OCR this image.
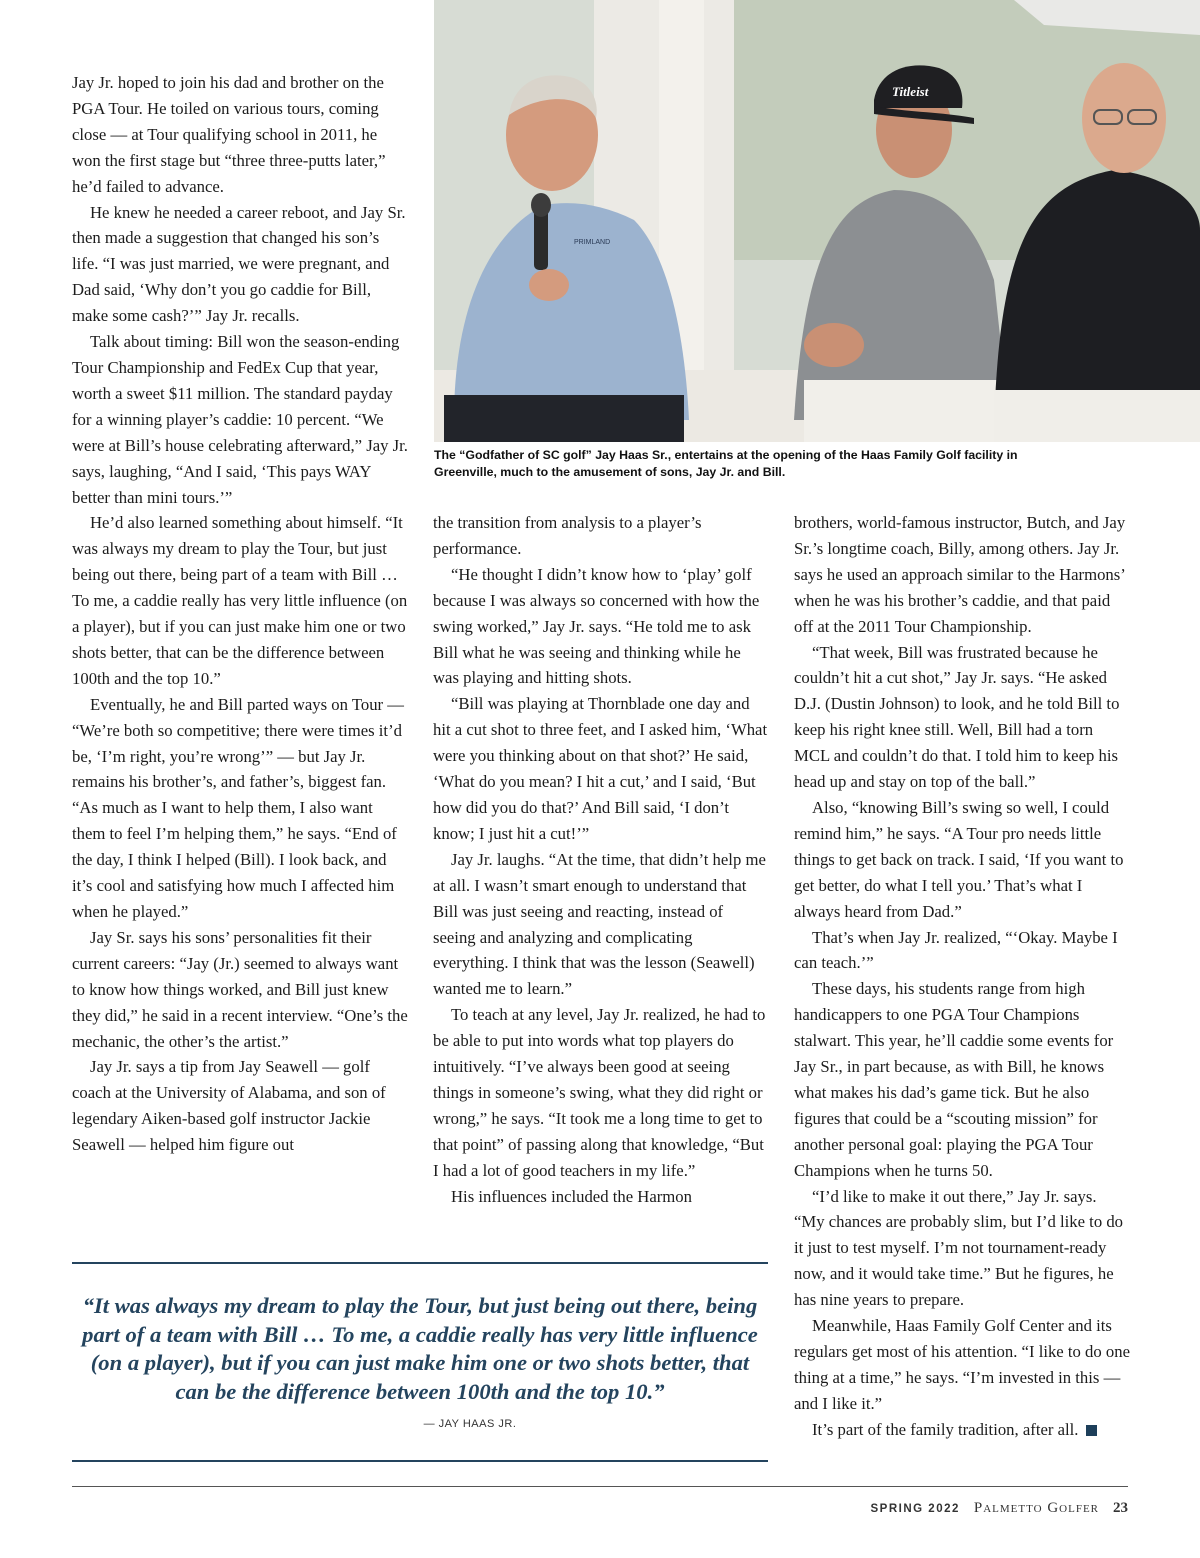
PRIMLAND
Titleist

The “Godfather of SC golf” Jay Haas Sr., entertains at the opening of the Haas Family Golf facility in Greenville, much to the amusement of sons, Jay Jr. and Bill.

Jay Jr. hoped to join his dad and brother on the PGA Tour. He toiled on various tours, coming close — at Tour qualifying school in 2011, he won the first stage but “three three-putts later,” he’d failed to advance.

He knew he needed a career reboot, and Jay Sr. then made a suggestion that changed his son’s life. “I was just married, we were pregnant, and Dad said, ‘Why don’t you go caddie for Bill, make some cash?’” Jay Jr. recalls.

Talk about timing: Bill won the season-ending Tour Championship and FedEx Cup that year, worth a sweet $11 million. The standard payday for a winning player’s caddie: 10 percent. “We were at Bill’s house celebrating afterward,” Jay Jr. says, laughing, “And I said, ‘This pays WAY better than mini tours.’”

He’d also learned something about himself. “It was always my dream to play the Tour, but just being out there, being part of a team with Bill … To me, a caddie really has very little influence (on a player), but if you can just make him one or two shots better, that can be the difference between 100th and the top 10.”

Eventually, he and Bill parted ways on Tour — “We’re both so competitive; there were times it’d be, ‘I’m right, you’re wrong’” — but Jay Jr. remains his brother’s, and father’s, biggest fan. “As much as I want to help them, I also want them to feel I’m helping them,” he says. “End of the day, I think I helped (Bill). I look back, and it’s cool and satisfying how much I affected him when he played.”

Jay Sr. says his sons’ personalities fit their current careers: “Jay (Jr.) seemed to always want to know how things worked, and Bill just knew they did,” he said in a recent interview. “One’s the mechanic, the other’s the artist.”

Jay Jr. says a tip from Jay Seawell — golf coach at the University of Alabama, and son of legendary Aiken-based golf instructor Jackie Seawell — helped him figure out

the transition from analysis to a player’s performance.

“He thought I didn’t know how to ‘play’ golf because I was always so concerned with how the swing worked,” Jay Jr. says. “He told me to ask Bill what he was seeing and thinking while he was playing and hitting shots.

“Bill was playing at Thornblade one day and hit a cut shot to three feet, and I asked him, ‘What were you thinking about on that shot?’ He said, ‘What do you mean? I hit a cut,’ and I said, ‘But how did you do that?’ And Bill said, ‘I don’t know; I just hit a cut!’”

Jay Jr. laughs. “At the time, that didn’t help me at all. I wasn’t smart enough to understand that Bill was just seeing and reacting, instead of seeing and analyzing and complicating everything. I think that was the lesson (Seawell) wanted me to learn.”

To teach at any level, Jay Jr. realized, he had to be able to put into words what top players do intuitively. “I’ve always been good at seeing things in someone’s swing, what they did right or wrong,” he says. “It took me a long time to get to that point” of passing along that knowledge, “But I had a lot of good teachers in my life.”

His influences included the Harmon

brothers, world-famous instructor, Butch, and Jay Sr.’s longtime coach, Billy, among others. Jay Jr. says he used an approach similar to the Harmons’ when he was his brother’s caddie, and that paid off at the 2011 Tour Championship.

“That week, Bill was frustrated because he couldn’t hit a cut shot,” Jay Jr. says. “He asked D.J. (Dustin Johnson) to look, and he told Bill to keep his right knee still. Well, Bill had a torn MCL and couldn’t do that. I told him to keep his head up and stay on top of the ball.”

Also, “knowing Bill’s swing so well, I could remind him,” he says. “A Tour pro needs little things to get back on track. I said, ‘If you want to get better, do what I tell you.’ That’s what I always heard from Dad.”

That’s when Jay Jr. realized, “‘Okay. Maybe I can teach.’”

These days, his students range from high handicappers to one PGA Tour Champions stalwart. This year, he’ll caddie some events for Jay Sr., in part because, as with Bill, he knows what makes his dad’s game tick. But he also figures that could be a “scouting mission” for another personal goal: playing the PGA Tour Champions when he turns 50.

“I’d like to make it out there,” Jay Jr. says. “My chances are probably slim, but I’d like to do it just to test myself. I’m not tournament-ready now, and it would take time.” But he figures, he has nine years to prepare.

Meanwhile, Haas Family Golf Center and its regulars get most of his attention. “I like to do one thing at a time,” he says. “I’m invested in this — and I like it.”

It’s part of the family tradition, after all.

“It was always my dream to play the Tour, but just being out there, being part of a team with Bill … To me, a caddie really has very little influence (on a player), but if you can just make him one or two shots better, that can be the difference between 100th and the top 10.”

— JAY HAAS JR.

SPRING 2022 Palmetto Golfer 23
